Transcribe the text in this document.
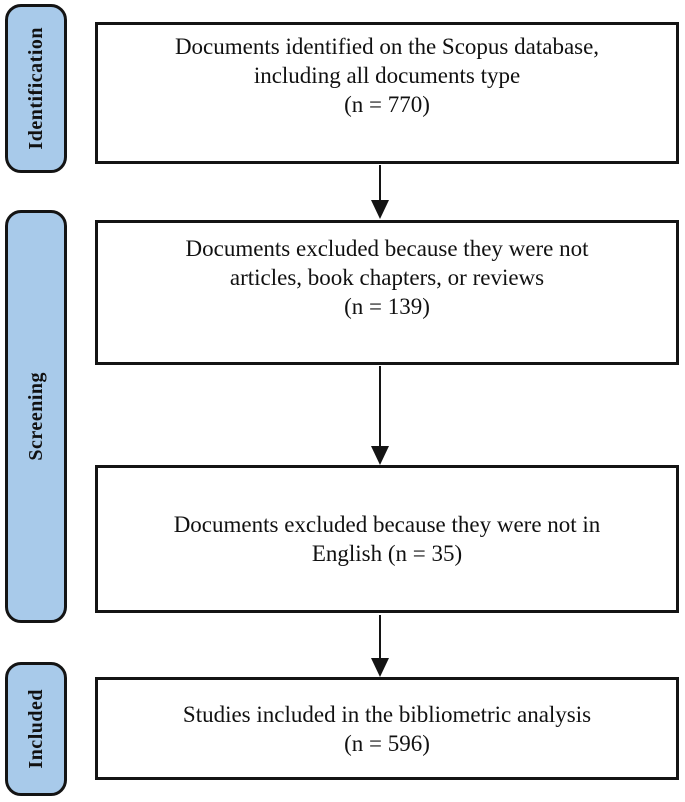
Identification
Screening
Included
Documents identified on the Scopus database,
including all documents type
(n = 770)
Documents excluded because they were not
articles, book chapters, or reviews
(n = 139)
Documents excluded because they were not in
English (n = 35)
Studies included in the bibliometric analysis
(n = 596)
